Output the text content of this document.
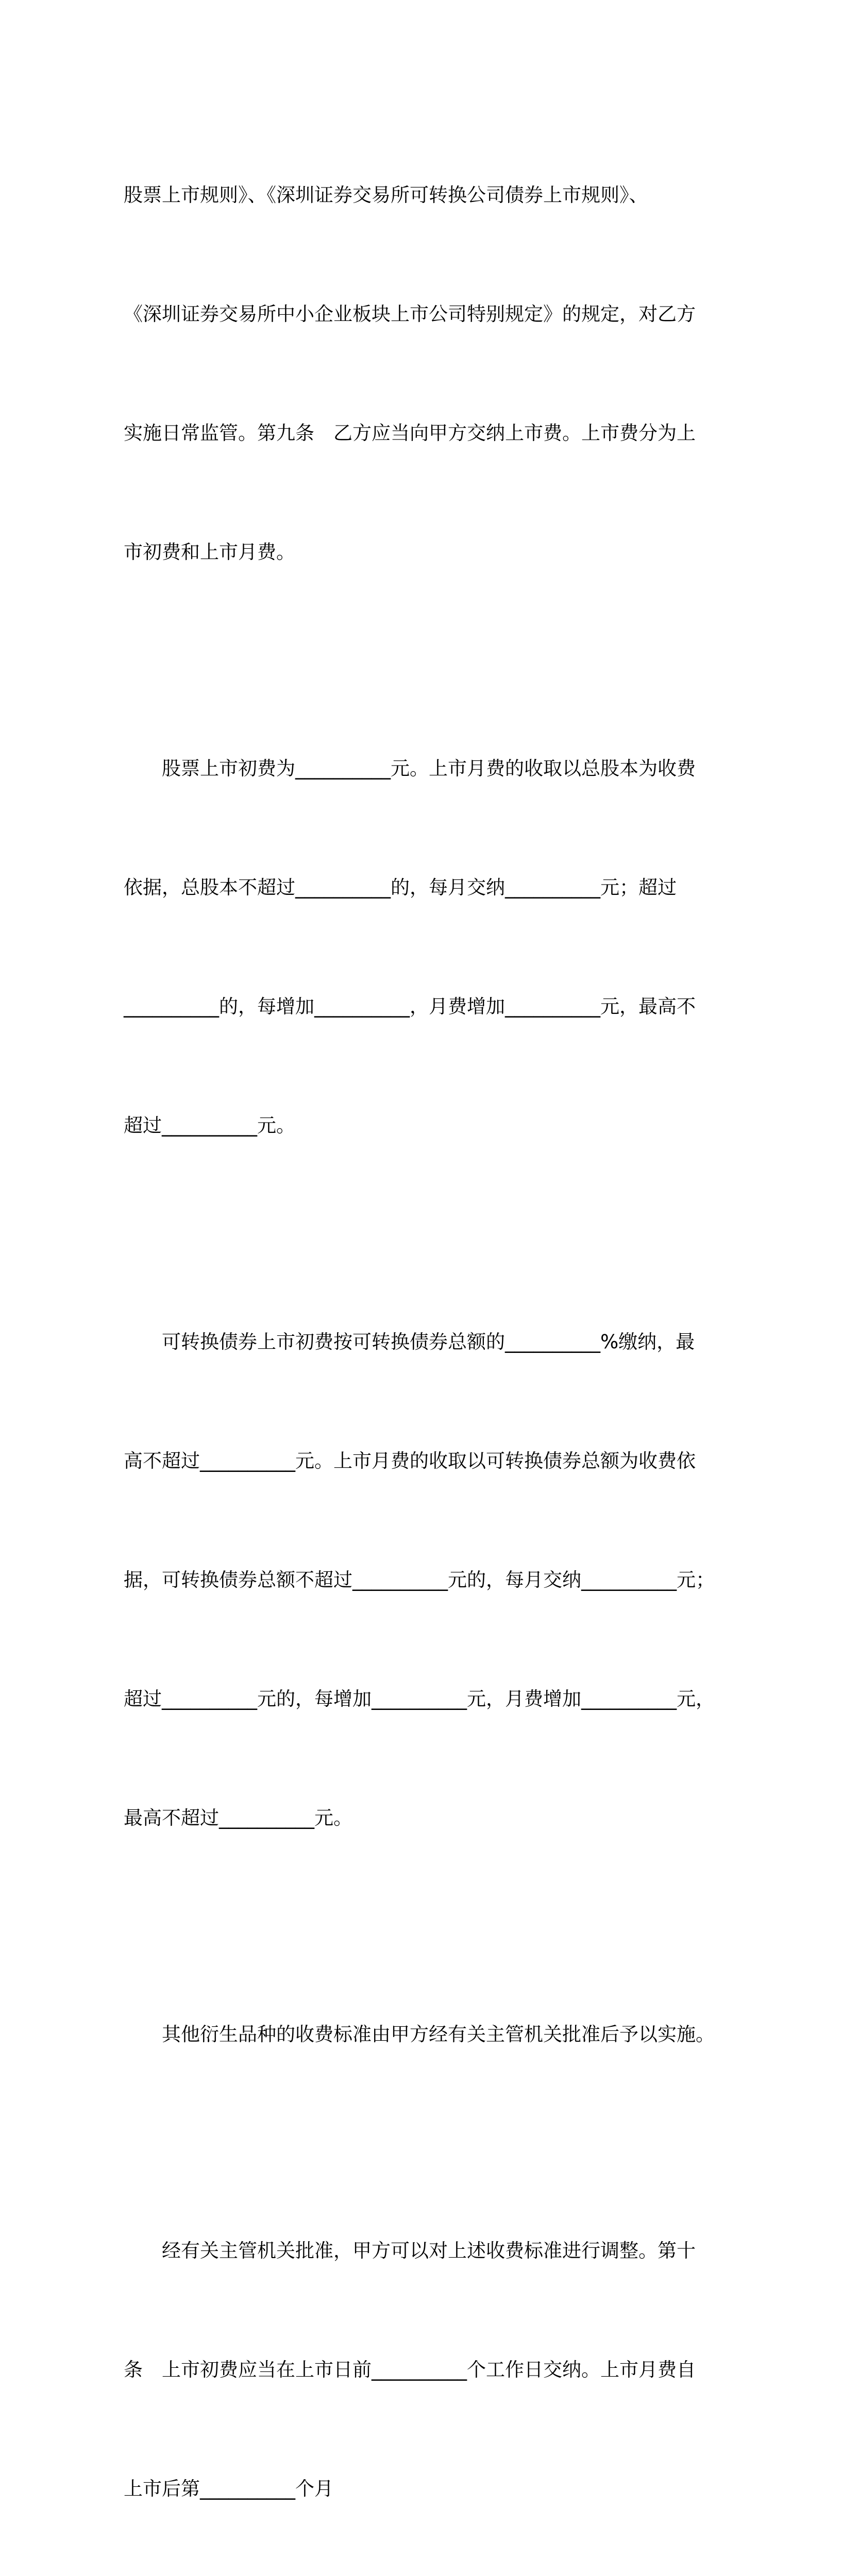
股票上市规则》、《深圳证券交易所可转换公司债券上市规则》、

《深圳证券交易所中小企业板块上市公司特别规定》的规定，对乙方

实施日常监管。第九条　乙方应当向甲方交纳上市费。上市费分为上

市初费和上市月费。

　　股票上市初费为__________元。上市月费的收取以总股本为收费

依据，总股本不超过__________的，每月交纳__________元；超过

__________的，每增加__________，月费增加__________元，最高不

超过__________元。

　　可转换债券上市初费按可转换债券总额的__________%缴纳，最

高不超过__________元。上市月费的收取以可转换债券总额为收费依

据，可转换债券总额不超过__________元的，每月交纳__________元；

超过__________元的，每增加__________元，月费增加__________元，

最高不超过__________元。

　　其他衍生品种的收费标准由甲方经有关主管机关批准后予以实施。

　　经有关主管机关批准，甲方可以对上述收费标准进行调整。第十

条　上市初费应当在上市日前__________个工作日交纳。上市月费自

上市后第__________个月
